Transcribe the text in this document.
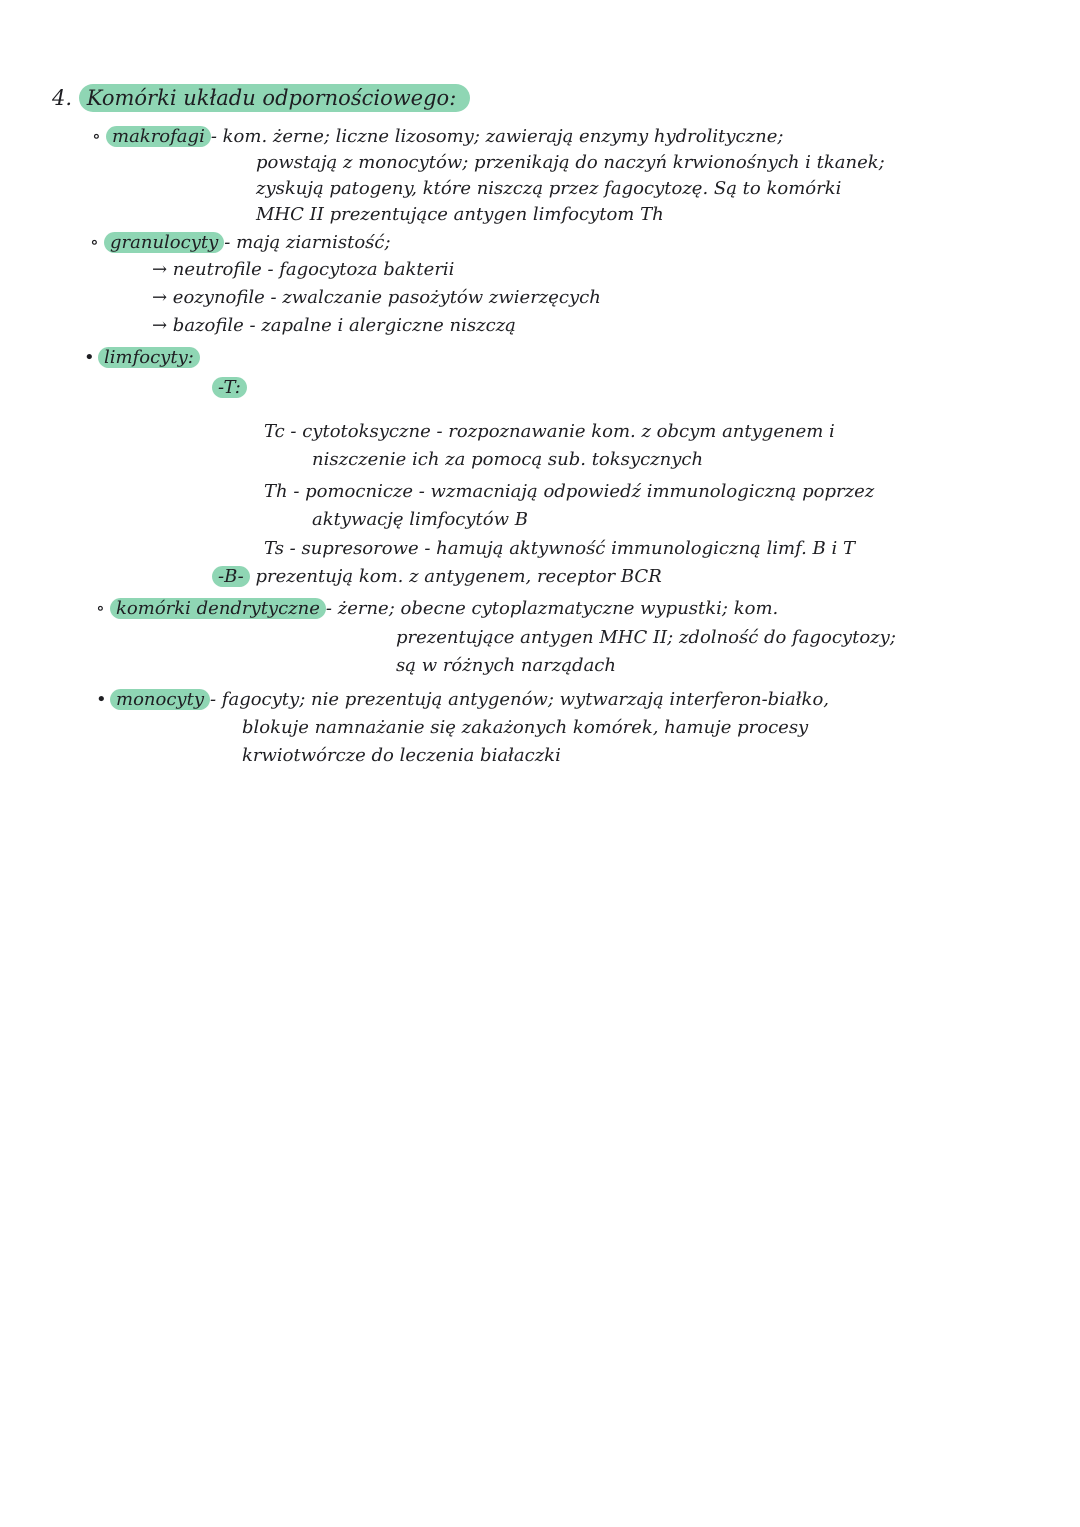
4. Komórki układu odpornościowego:
∘ makrofagi - kom. żerne; liczne lizosomy; zawierają enzymy hydrolityczne;
powstają z monocytów; przenikają do naczyń krwionośnych i tkanek;
zyskują patogeny, które niszczą przez fagocytozę. Są to komórki
MHC II prezentujące antygen limfocytom Th
∘ granulocyty - mają ziarnistość;
→ neutrofile - fagocytoza bakterii
→ eozynofile - zwalczanie pasożytów zwierzęcych
→ bazofile - zapalne i alergiczne niszczą
• limfocyty:
-T:
Tc - cytotoksyczne - rozpoznawanie kom. z obcym antygenem i
niszczenie ich za pomocą sub. toksycznych
Th - pomocnicze - wzmacniają odpowiedź immunologiczną poprzez
aktywację limfocytów B
Ts - supresorowe - hamują aktywność immunologiczną limf. B i T
-B- prezentują kom. z antygenem, receptor BCR
∘ komórki dendrytyczne - żerne; obecne cytoplazmatyczne wypustki; kom.
prezentujące antygen MHC II; zdolność do fagocytozy;
są w różnych narządach
• monocyty - fagocyty; nie prezentują antygenów; wytwarzają interferon-białko,
blokuje namnażanie się zakażonych komórek, hamuje procesy
krwiotwórcze do leczenia białaczki
